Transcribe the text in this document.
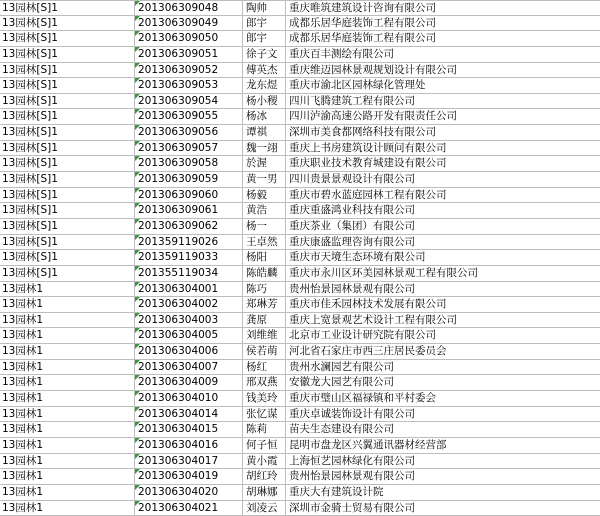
13园林[S]1	201306309048	陶帅	重庆唯筑建筑设计咨询有限公司
13园林[S]1	201306309049	郎宇	成都乐居华庭装饰工程有限公司
13园林[S]1	201306309050	郎宇	成都乐居华庭装饰工程有限公司
13园林[S]1	201306309051	徐子文	重庆百丰测绘有限公司
13园林[S]1	201306309052	傅英杰	重庆维迈园林景观规划设计有限公司
13园林[S]1	201306309053	龙东煜	重庆市渝北区园林绿化管理处
13园林[S]1	201306309054	杨小稷	四川飞腾建筑工程有限公司
13园林[S]1	201306309055	杨冰	四川泸渝高速公路开发有限责任公司
13园林[S]1	201306309056	谭祺	深圳市美食都网络科技有限公司
13园林[S]1	201306309057	魏一翊	重庆上书房建筑设计顾问有限公司
13园林[S]1	201306309058	於渥	重庆职业技术教育城建设有限公司
13园林[S]1	201306309059	黄一男	四川贵景景观设计有限公司
13园林[S]1	201306309060	杨毅	重庆市碧水蓝庭园林工程有限公司
13园林[S]1	201306309061	黄浩	重庆重盛鸿业科技有限公司
13园林[S]1	201306309062	杨一	重庆茶业（集团）有限公司
13园林[S]1	201359119026	王卓然	重庆康盛监理咨询有限公司
13园林[S]1	201359119033	杨阳	重庆市天境生态环境有限公司
13园林[S]1	201355119034	陈皓麟	重庆市永川区环美园林景观工程有限公司
13园林1	201306304001	陈巧	贵州怡景园林景观有限公司
13园林1	201306304002	郑琳芳	重庆市佳禾园林技术发展有限公司
13园林1	201306304003	龚原	重庆上宽景观艺术设计工程有限公司
13园林1	201306304005	刘维维	北京市工业设计研究院有限公司
13园林1	201306304006	侯若萌	河北省石家庄市西三庄居民委员会
13园林1	201306304007	杨红	贵州水澜园艺有限公司
13园林1	201306304009	邢双燕	安徽龙大园艺有限公司
13园林1	201306304010	钱美玲	重庆市璧山区福禄镇和平村委会
13园林1	201306304014	张忆谋	重庆卓诚装饰设计有限公司
13园林1	201306304015	陈莉	苗夫生态建设有限公司
13园林1	201306304016	何子恒	昆明市盘龙区兴翼通讯器材经营部
13园林1	201306304017	黄小霞	上海恒艺园林绿化有限公司
13园林1	201306304019	胡红玲	贵州怡景园林景观有限公司
13园林1	201306304020	胡琳娜	重庆大有建筑设计院
13园林1	201306304021	刘凌云	深圳市金骑士贸易有限公司
